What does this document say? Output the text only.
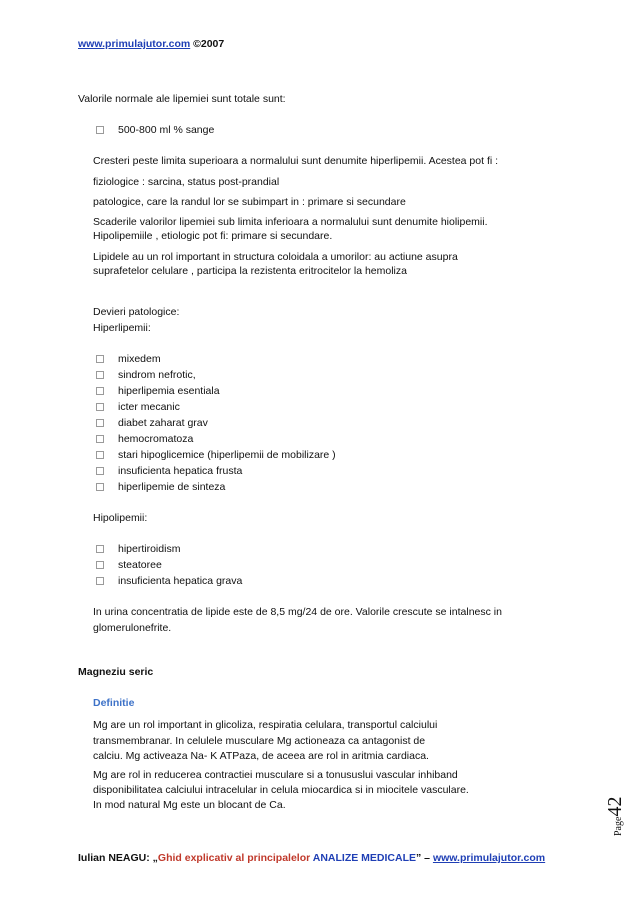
www.primulajutor.com ©2007
Valorile normale ale lipemiei sunt totale sunt:
500-800 ml % sange
Cresteri peste limita superioara a normalului sunt denumite hiperlipemii. Acestea pot fi :
fiziologice : sarcina, status post-prandial
patologice, care la randul lor se subimpart in : primare si secundare
Scaderile valorilor lipemiei sub limita inferioara a normalului sunt denumite hiolipemii.
Hipolipemiile , etiologic pot fi: primare si secundare.
Lipidele au un rol important in structura coloidala a umorilor: au actiune asupra
suprafetelor celulare , participa la rezistenta eritrocitelor la hemoliza
Devieri patologice:
Hiperlipemii:
mixedem
sindrom nefrotic,
hiperlipemia esentiala
icter mecanic
diabet zaharat grav
hemocromatoza
stari hipoglicemice (hiperlipemii de mobilizare )
insuficienta hepatica frusta
hiperlipemie de sinteza
Hipolipemii:
hipertiroidism
steatoree
insuficienta hepatica grava
In urina concentratia de lipide este de 8,5 mg/24 de ore. Valorile crescute se intalnesc in
glomerulonefrite.
Magneziu seric
Definitie
Mg are un rol important in glicoliza, respiratia celulara, transportul calciului
transmembranar. In celulele musculare Mg actioneaza ca antagonist de
calciu. Mg activeaza Na- K ATPaza, de aceea are rol in aritmia cardiaca.
Mg are rol in reducerea contractiei musculare si a tonususlui vascular inhiband
disponibilitatea calciului intracelular in celula miocardica si in miocitele vasculare.
In mod natural Mg este un blocant de Ca.
Page42
Iulian NEAGU: „Ghid explicativ al principalelor ANALIZE MEDICALE” – www.primulajutor.com
